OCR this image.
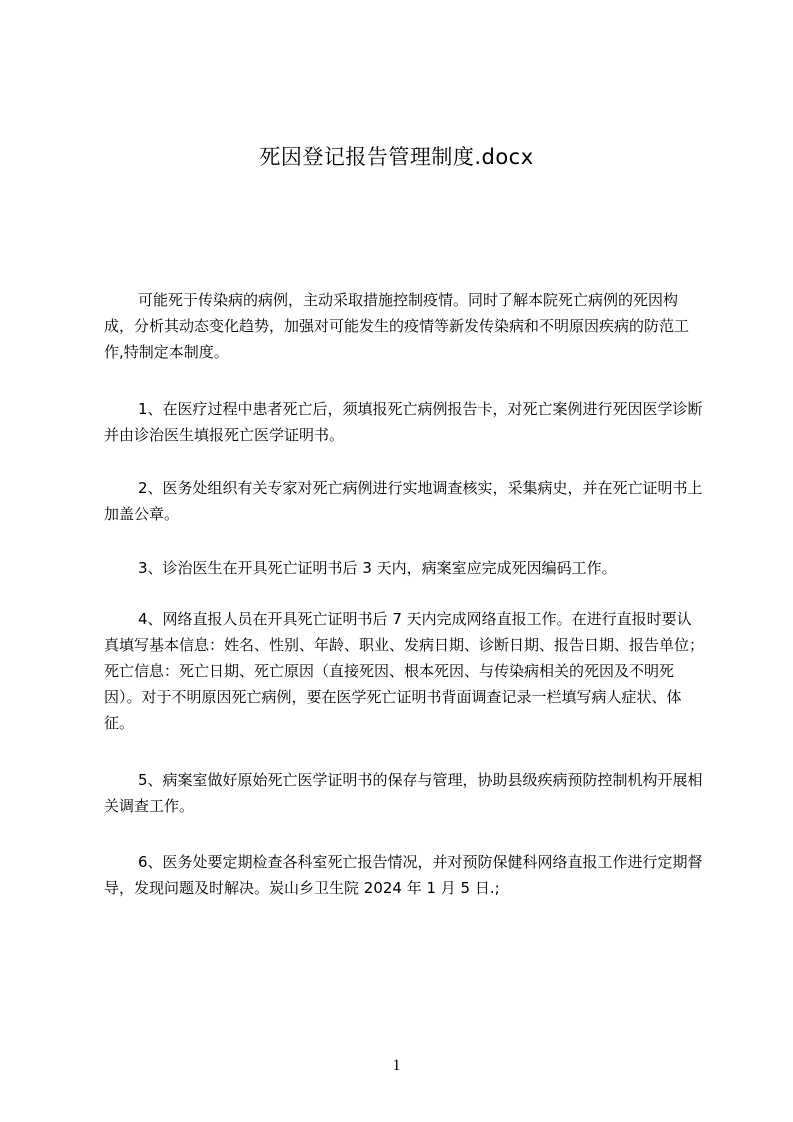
死因登记报告管理制度.docx

可能死于传染病的病例，主动采取措施控制疫情。同时了解本院死亡病例的死因构成，分析其动态变化趋势，加强对可能发生的疫情等新发传染病和不明原因疾病的防范工作,特制定本制度。

1、在医疗过程中患者死亡后，须填报死亡病例报告卡，对死亡案例进行死因医学诊断并由诊治医生填报死亡医学证明书。

2、医务处组织有关专家对死亡病例进行实地调查核实，采集病史，并在死亡证明书上加盖公章。

3、诊治医生在开具死亡证明书后 3 天内，病案室应完成死因编码工作。

4、网络直报人员在开具死亡证明书后 7 天内完成网络直报工作。在进行直报时要认真填写基本信息：姓名、性别、年龄、职业、发病日期、诊断日期、报告日期、报告单位；死亡信息：死亡日期、死亡原因（直接死因、根本死因、与传染病相关的死因及不明死因）。对于不明原因死亡病例，要在医学死亡证明书背面调查记录一栏填写病人症状、体征。

5、病案室做好原始死亡医学证明书的保存与管理，协助县级疾病预防控制机构开展相关调查工作。

6、医务处要定期检查各科室死亡报告情况，并对预防保健科网络直报工作进行定期督导，发现问题及时解决。炭山乡卫生院 2024 年 1 月 5 日.;

1
